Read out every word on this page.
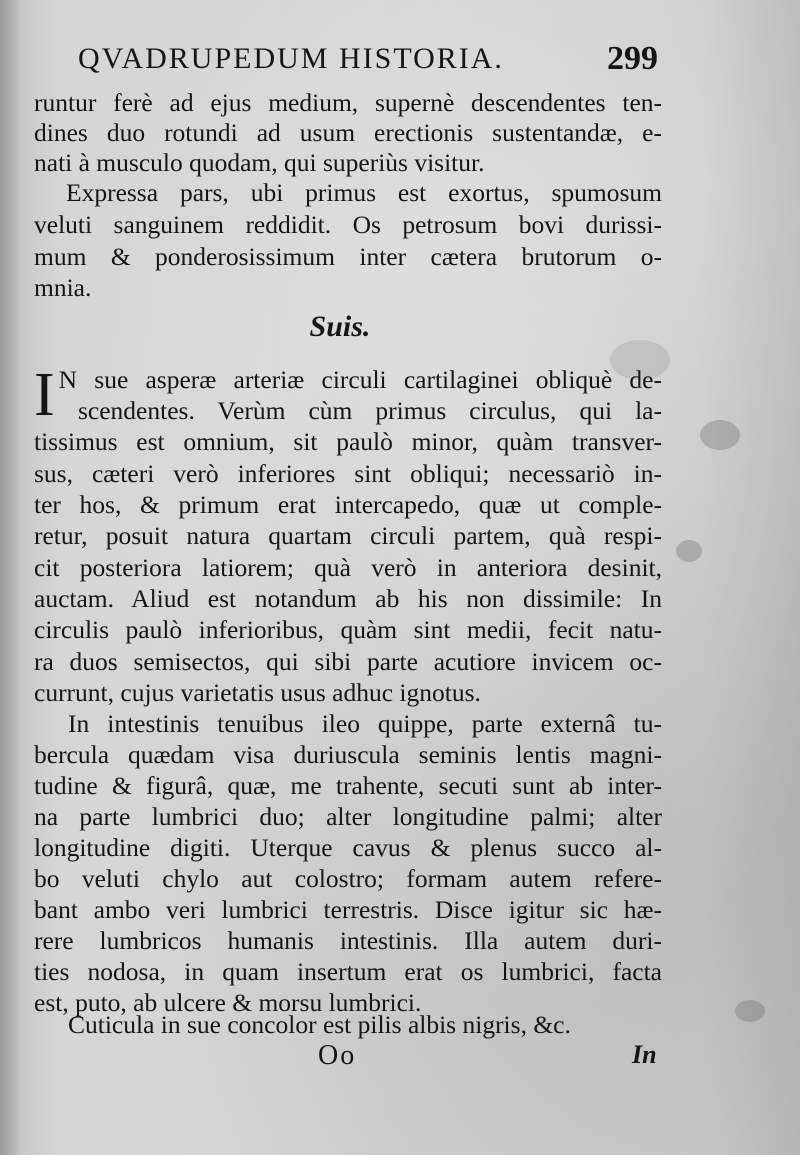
QVADRUPEDUM HISTORIA.	299
runtur ferè ad ejus medium, supernè descendentes ten-
dines duo rotundi ad usum erectionis sustentandæ, e-
nati à musculo quodam, qui superiùs visitur.
Expressa pars, ubi primus est exortus, spumosum
veluti sanguinem reddidit. Os petrosum bovi durissi-
mum & ponderosissimum inter cætera brutorum o-
mnia.
Suis.
I N sue asperæ arteriæ circuli cartilaginei obliquè de-
scendentes. Verùm cùm primus circulus, qui la-
tissimus est omnium, sit paulò minor, quàm transver-
sus, cæteri verò inferiores sint obliqui; necessariò in-
ter hos, & primum erat intercapedo, quæ ut comple-
retur, posuit natura quartam circuli partem, quà respi-
cit posteriora latiorem; quà verò in anteriora desinit,
auctam. Aliud est notandum ab his non dissimile: In
circulis paulò inferioribus, quàm sint medii, fecit natu-
ra duos semisectos, qui sibi parte acutiore invicem oc-
currunt, cujus varietatis usus adhuc ignotus.
In intestinis tenuibus ileo quippe, parte externâ tu-
bercula quædam visa duriuscula seminis lentis magni-
tudine & figurâ, quæ, me trahente, secuti sunt ab inter-
na parte lumbrici duo; alter longitudine palmi; alter
longitudine digiti. Uterque cavus & plenus succo al-
bo veluti chylo aut colostro; formam autem refere-
bant ambo veri lumbrici terrestris. Disce igitur sic hæ-
rere lumbricos humanis intestinis. Illa autem duri-
ties nodosa, in quam insertum erat os lumbrici, facta
est, puto, ab ulcere & morsu lumbrici.
Cuticula in sue concolor est pilis albis nigris, &c.
Oo	In
